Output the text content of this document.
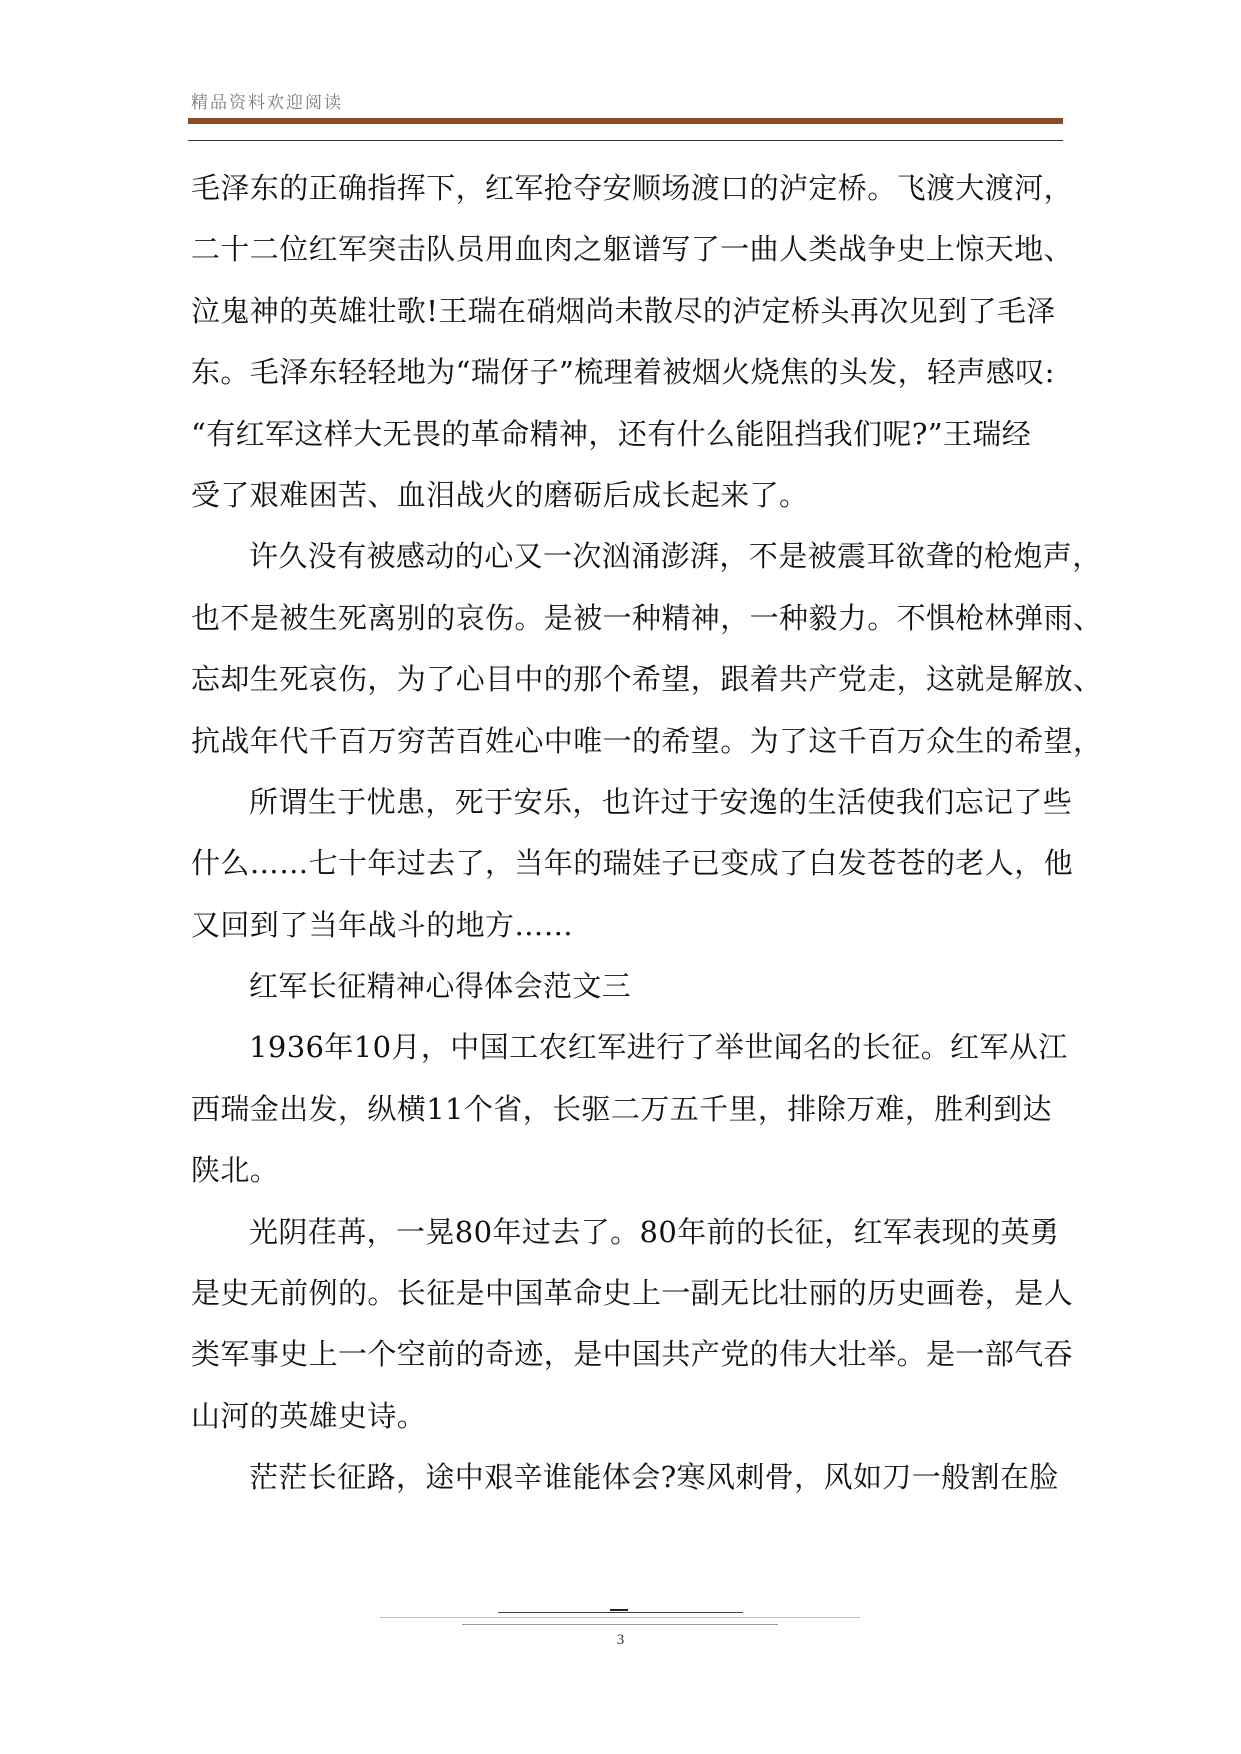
精品资料欢迎阅读
毛泽东的正确指挥下，红军抢夺安顺场渡口的泸定桥。飞渡大渡河，
二十二位红军突击队员用血肉之躯谱写了一曲人类战争史上惊天地、
泣鬼神的英雄壮歌!王瑞在硝烟尚未散尽的泸定桥头再次见到了毛泽
东。毛泽东轻轻地为“瑞伢子”梳理着被烟火烧焦的头发，轻声感叹:
“有红军这样大无畏的革命精神，还有什么能阻挡我们呢?”王瑞经
受了艰难困苦、血泪战火的磨砺后成长起来了。
许久没有被感动的心又一次汹涌澎湃，不是被震耳欲聋的枪炮声，
也不是被生死离别的哀伤。是被一种精神，一种毅力。不惧枪林弹雨、
忘却生死哀伤，为了心目中的那个希望，跟着共产党走，这就是解放、
抗战年代千百万穷苦百姓心中唯一的希望。为了这千百万众生的希望，
所谓生于忧患，死于安乐，也许过于安逸的生活使我们忘记了些
什么……七十年过去了，当年的瑞娃子已变成了白发苍苍的老人，他
又回到了当年战斗的地方……
红军长征精神心得体会范文三
1936年10月，中国工农红军进行了举世闻名的长征。红军从江
西瑞金出发，纵横11个省，长驱二万五千里，排除万难，胜利到达
陕北。
光阴荏苒，一晃80年过去了。80年前的长征，红军表现的英勇
是史无前例的。长征是中国革命史上一副无比壮丽的历史画卷，是人
类军事史上一个空前的奇迹，是中国共产党的伟大壮举。是一部气吞
山河的英雄史诗。
茫茫长征路，途中艰辛谁能体会?寒风刺骨，风如刀一般割在脸
3
